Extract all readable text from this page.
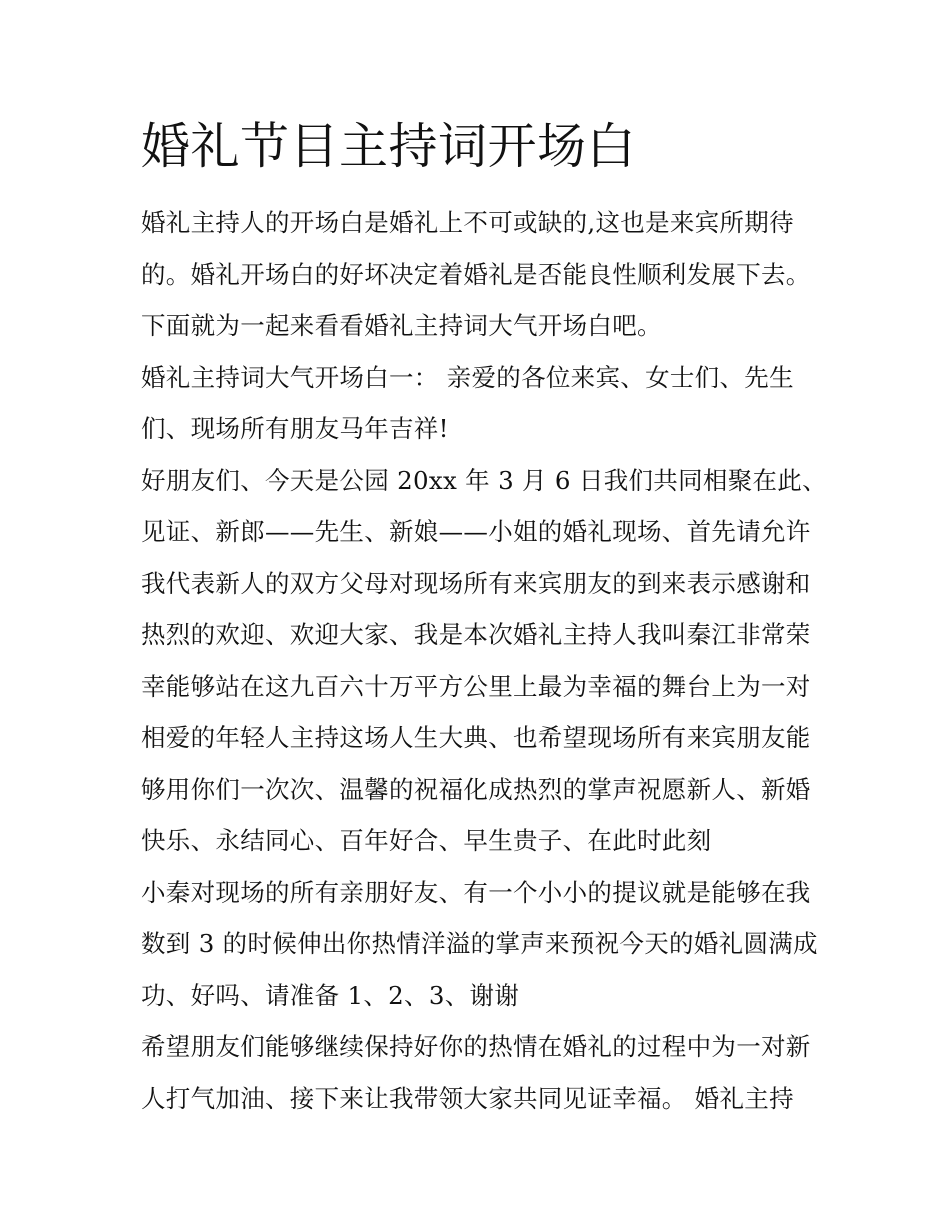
婚礼节目主持词开场白
婚礼主持人的开场白是婚礼上不可或缺的,这也是来宾所期待
的。婚礼开场白的好坏决定着婚礼是否能良性顺利发展下去。
下面就为一起来看看婚礼主持词大气开场白吧。
婚礼主持词大气开场白一： 亲爱的各位来宾、女士们、先生
们、现场所有朋友马年吉祥!
好朋友们、今天是公园 20xx 年 3 月 6 日我们共同相聚在此、
见证、新郎——先生、新娘——小姐的婚礼现场、首先请允许
我代表新人的双方父母对现场所有来宾朋友的到来表示感谢和
热烈的欢迎、欢迎大家、我是本次婚礼主持人我叫秦江非常荣
幸能够站在这九百六十万平方公里上最为幸福的舞台上为一对
相爱的年轻人主持这场人生大典、也希望现场所有来宾朋友能
够用你们一次次、温馨的祝福化成热烈的掌声祝愿新人、新婚
快乐、永结同心、百年好合、早生贵子、在此时此刻
小秦对现场的所有亲朋好友、有一个小小的提议就是能够在我
数到 3 的时候伸出你热情洋溢的掌声来预祝今天的婚礼圆满成
功、好吗、请准备 1、2、3、谢谢
希望朋友们能够继续保持好你的热情在婚礼的过程中为一对新
人打气加油、接下来让我带领大家共同见证幸福。 婚礼主持
